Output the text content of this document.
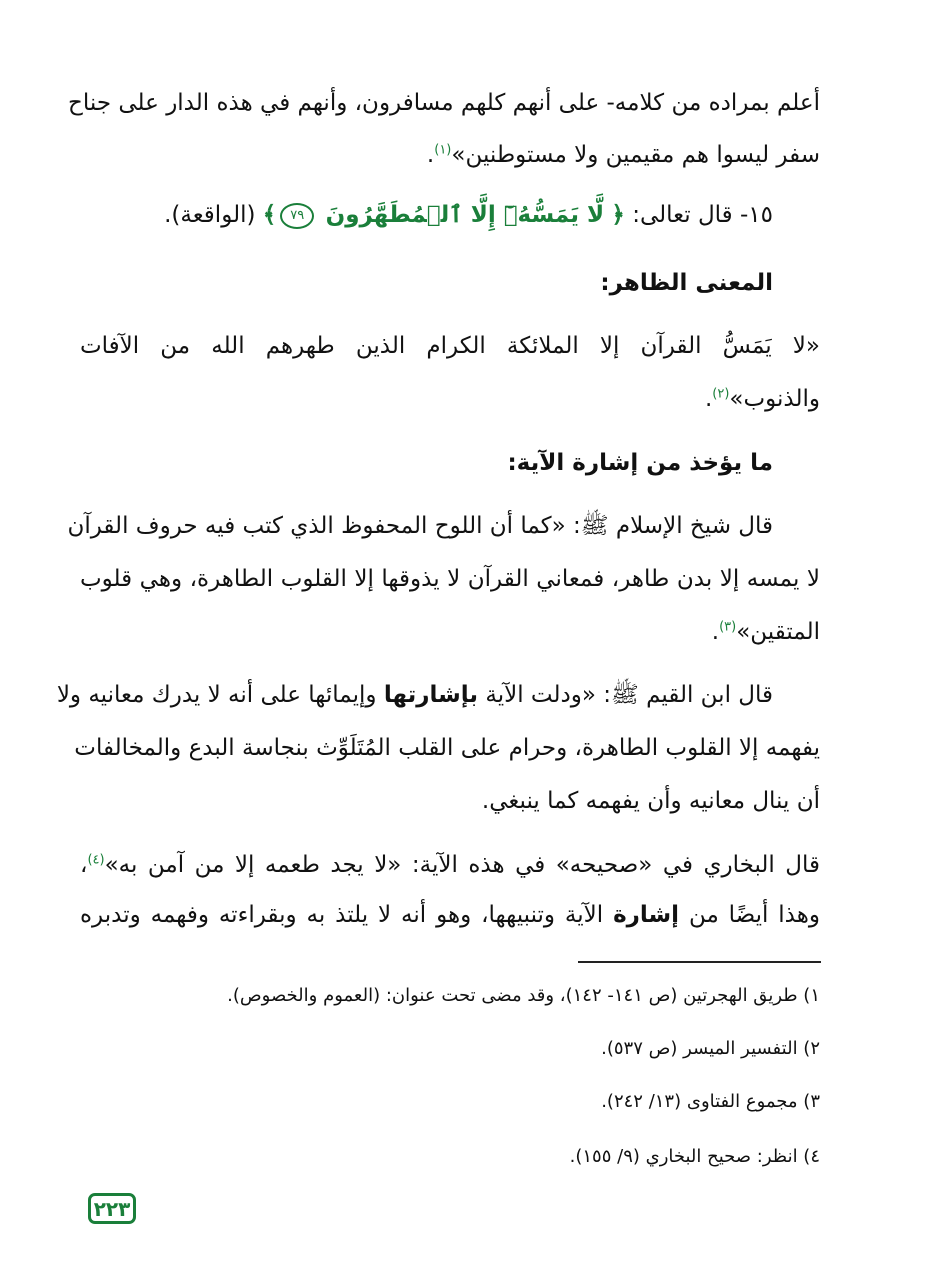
أعلم بمراده من كلامه- على أنهم كلهم مسافرون، وأنهم في هذه الدار على جناح
سفر ليسوا هم مقيمين ولا مستوطنين»$^{(١)}$.
١٥- قال تعالى: ﴿ لَّا يَمَسُّهُۥٓ إِلَّا ٱلۡمُطَهَّرُونَ ٧٩﴾ (الواقعة).
المعنى الظاهر:
«لا يَمَسُّ القرآن إلا الملائكة الكرام الذين طهرهم الله من الآفات
والذنوب»$^{(٢)}$.
ما يؤخذ من إشارة الآية:
قال شيخ الإسلام ﷺ: «كما أن اللوح المحفوظ الذي كتب فيه حروف القرآن
لا يمسه إلا بدن طاهر، فمعاني القرآن لا يذوقها إلا القلوب الطاهرة، وهي قلوب
المتقين»$^{(٣)}$.
قال ابن القيم ﷺ: «ودلت الآية بإشارتها وإيمائها على أنه لا يدرك معانيه ولا
يفهمه إلا القلوب الطاهرة، وحرام على القلب المُتَلَوِّث بنجاسة البدع والمخالفات
أن ينال معانيه وأن يفهمه كما ينبغي.
قال البخاري في «صحيحه» في هذه الآية: «لا يجد طعمه إلا من آمن به»$^{(٤)}$،
وهذا أيضًا من إشارة الآية وتنبيهها، وهو أنه لا يلتذ به وبقراءته وفهمه وتدبره
١) طريق الهجرتين (ص ١٤١- ١٤٢)، وقد مضى تحت عنوان: (العموم والخصوص).
٢) التفسير الميسر (ص ٥٣٧).
٣) مجموع الفتاوى (١٣/ ٢٤٢).
٤) انظر: صحيح البخاري (٩/ ١٥٥).
٢٢٣
